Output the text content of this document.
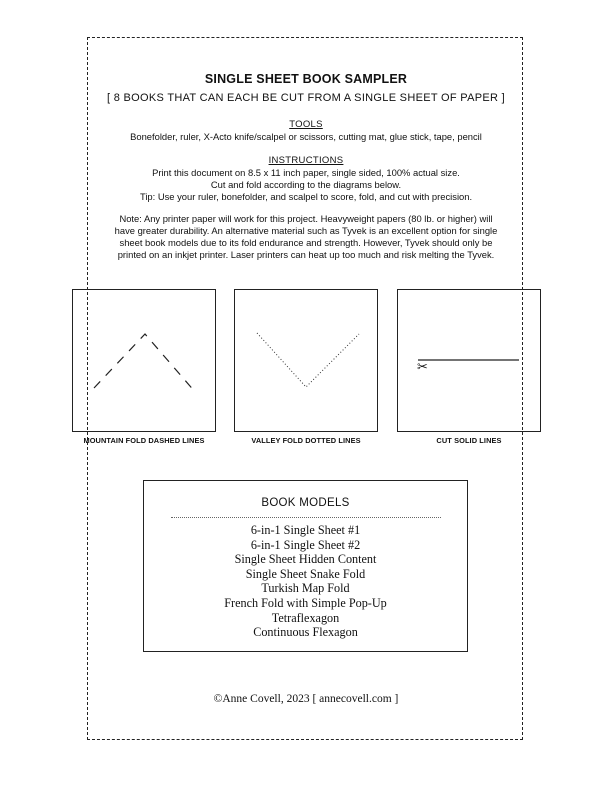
SINGLE SHEET BOOK SAMPLER
[ 8 BOOKS THAT CAN EACH BE CUT FROM A SINGLE SHEET OF PAPER ]
TOOLS
Bonefolder, ruler, X-Acto knife/scalpel or scissors, cutting mat, glue stick, tape, pencil
INSTRUCTIONS
Print this document on 8.5 x 11 inch paper, single sided, 100% actual size.
Cut and fold according to the diagrams below.
Tip: Use your ruler, bonefolder, and scalpel to score, fold, and cut with precision.
Note: Any printer paper will work for this project. Heavyweight papers (80 lb. or higher) will
have greater durability. An alternative material such as Tyvek is an excellent option for single
sheet book models due to its fold endurance and strength. However, Tyvek should only be
printed on an inkjet printer. Laser printers can heat up too much and risk melting the Tyvek.
MOUNTAIN FOLD DASHED LINES	VALLEY FOLD DOTTED LINES
✂
CUT SOLID LINES
BOOK MODELS
6-in-1 Single Sheet #1
6-in-1 Single Sheet #2
Single Sheet Hidden Content
Single Sheet Snake Fold
Turkish Map Fold
French Fold with Simple Pop-Up
Tetraflexagon
Continuous Flexagon
©Anne Covell, 2023 [ annecovell.com ]
